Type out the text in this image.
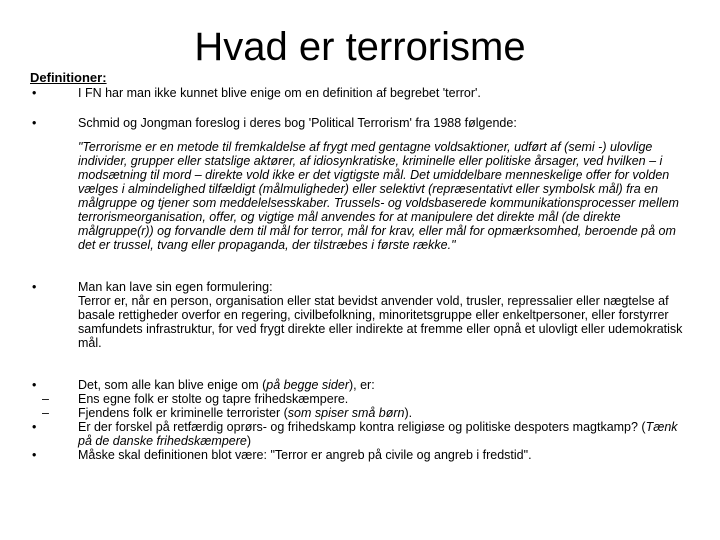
Hvad er terrorisme
Definitioner:
•	I FN har man ikke kunnet blive enige om en definition af begrebet 'terror'.
•	Schmid og Jongman foreslog i deres bog 'Political Terrorism' fra 1988 følgende:
"Terrorisme er en metode til fremkaldelse af frygt med gentagne voldsaktioner, udført af (semi -) ulovlige individer, grupper eller statslige aktører, af idiosynkratiske, kriminelle eller politiske årsager, ved hvilken – i modsætning til mord – direkte vold ikke er det vigtigste mål. Det umiddelbare menneskelige offer for volden vælges i almindelighed tilfældigt (målmuligheder) eller selektivt (repræsentativt eller symbolsk mål) fra en målgruppe og tjener som meddelelsesskaber. Trussels- og voldsbaserede kommunikationsprocesser mellem terrorismeorganisation, offer, og vigtige mål anvendes for at manipulere det direkte mål (de direkte målgruppe(r)) og forvandle dem til mål for terror, mål for krav, eller mål for opmærksomhed, beroende på om det er trussel, tvang eller propaganda, der tilstræbes i første række."
•	Man kan lave sin egen formulering:
Terror er, når en person, organisation eller stat bevidst anvender vold, trusler, repressalier eller nægtelse af basale rettigheder overfor en regering, civilbefolkning, minoritetsgruppe eller enkeltpersoner, eller forstyrrer samfundets infrastruktur, for ved frygt direkte eller indirekte at fremme eller opnå et ulovligt eller udemokratisk mål.
•	Det, som alle kan blive enige om (på begge sider), er:
– Ens egne folk er stolte og tapre frihedskæmpere.
– Fjendens folk er kriminelle terrorister (som spiser små børn).
•	Er der forskel på retfærdig oprørs- og frihedskamp kontra religiøse og politiske despoters magtkamp? (Tænk på de danske frihedskæmpere)
•	Måske skal definitionen blot være: "Terror er angreb på civile og angreb i fredstid".
